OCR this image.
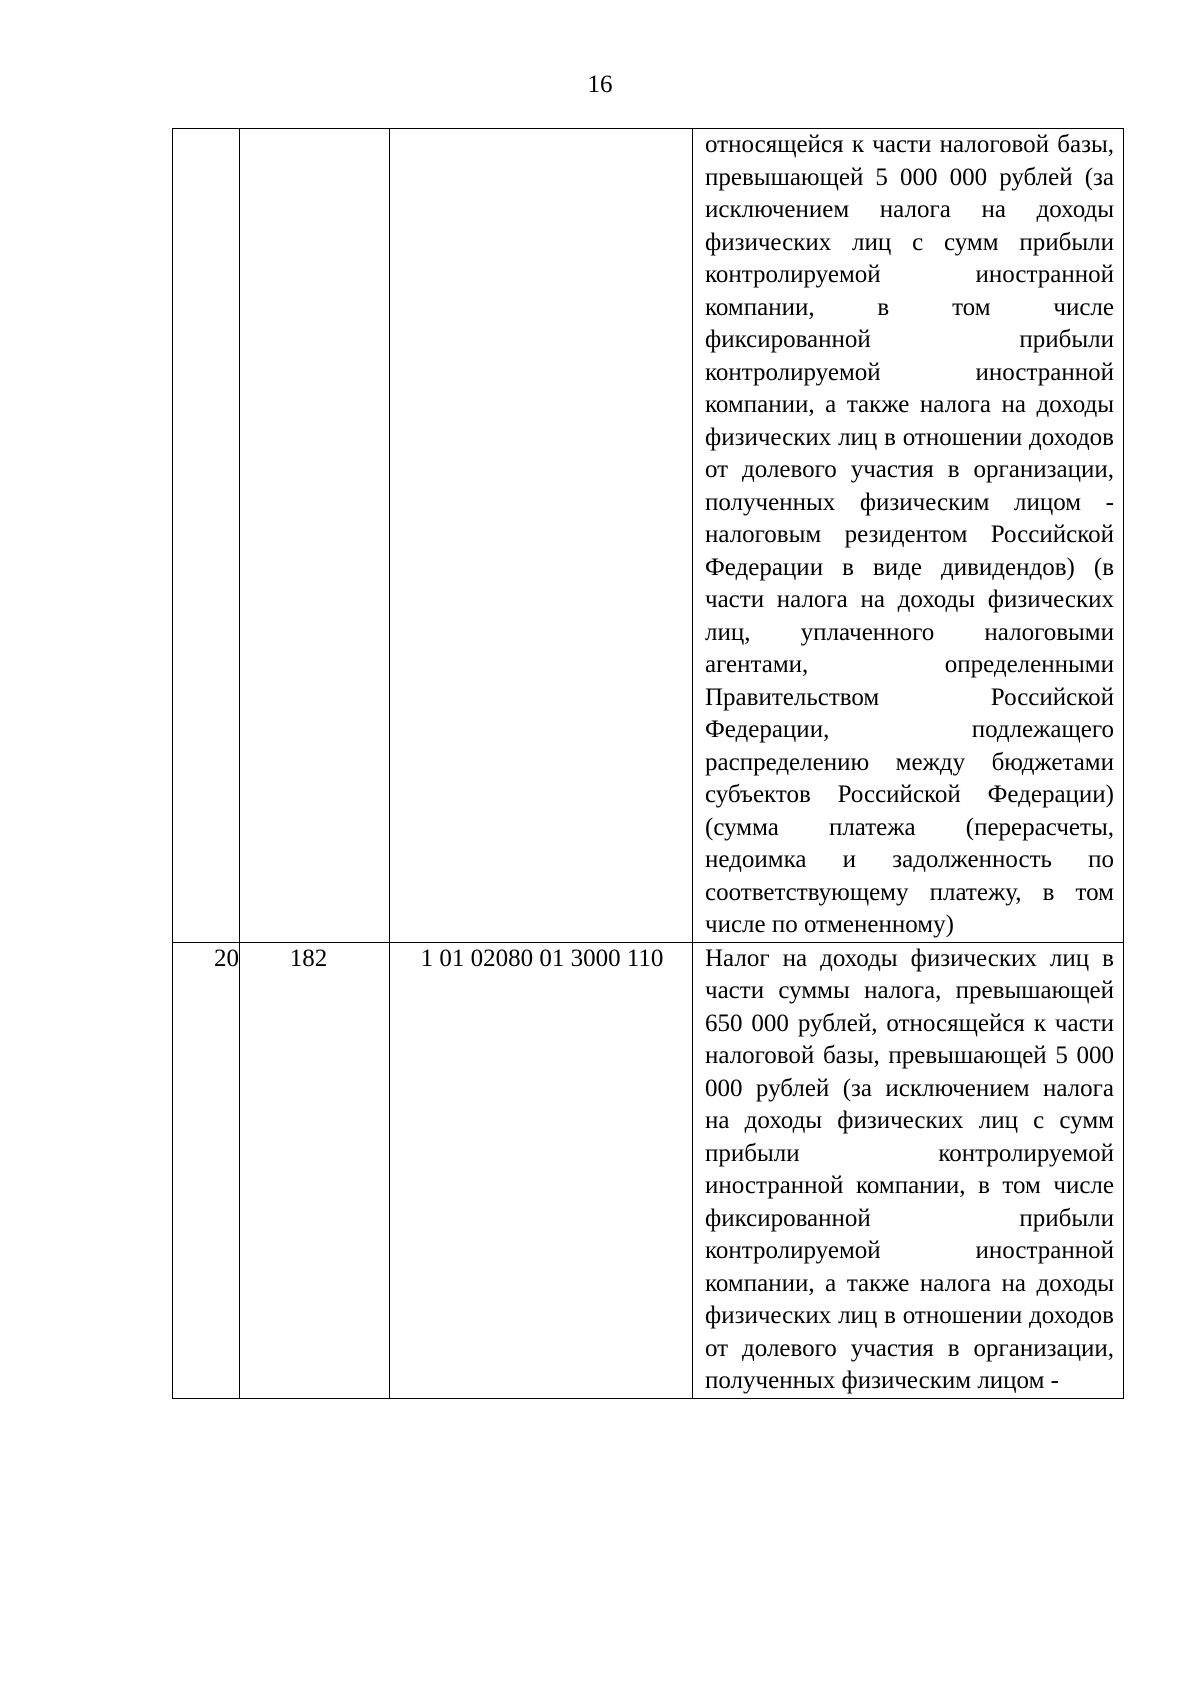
16

			относящейся к части налоговой базы, превышающей 5 000 000 рублей (за исключением налога на доходы физических лиц с сумм прибыли контролируемой иностранной компании, в том числе фиксированной прибыли контролируемой иностранной компании, а также налога на доходы физических лиц в отношении доходов от долевого участия в организации, полученных физическим лицом - налоговым резидентом Российской Федерации в виде дивидендов) (в части налога на доходы физических лиц, уплаченного налоговыми агентами, определенными Правительством Российской Федерации, подлежащего распределению между бюджетами субъектов Российской Федерации) (сумма платежа (перерасчеты, недоимка и задолженность по соответствующему платежу, в том числе по отмененному)

20	182	1 01 02080 01 3000 110	Налог на доходы физических лиц в части суммы налога, превышающей 650 000 рублей, относящейся к части налоговой базы, превышающей 5 000 000 рублей (за исключением налога на доходы физических лиц с сумм прибыли контролируемой иностранной компании, в том числе фиксированной прибыли контролируемой иностранной компании, а также налога на доходы физических лиц в отношении доходов от долевого участия в организации, полученных физическим лицом -
